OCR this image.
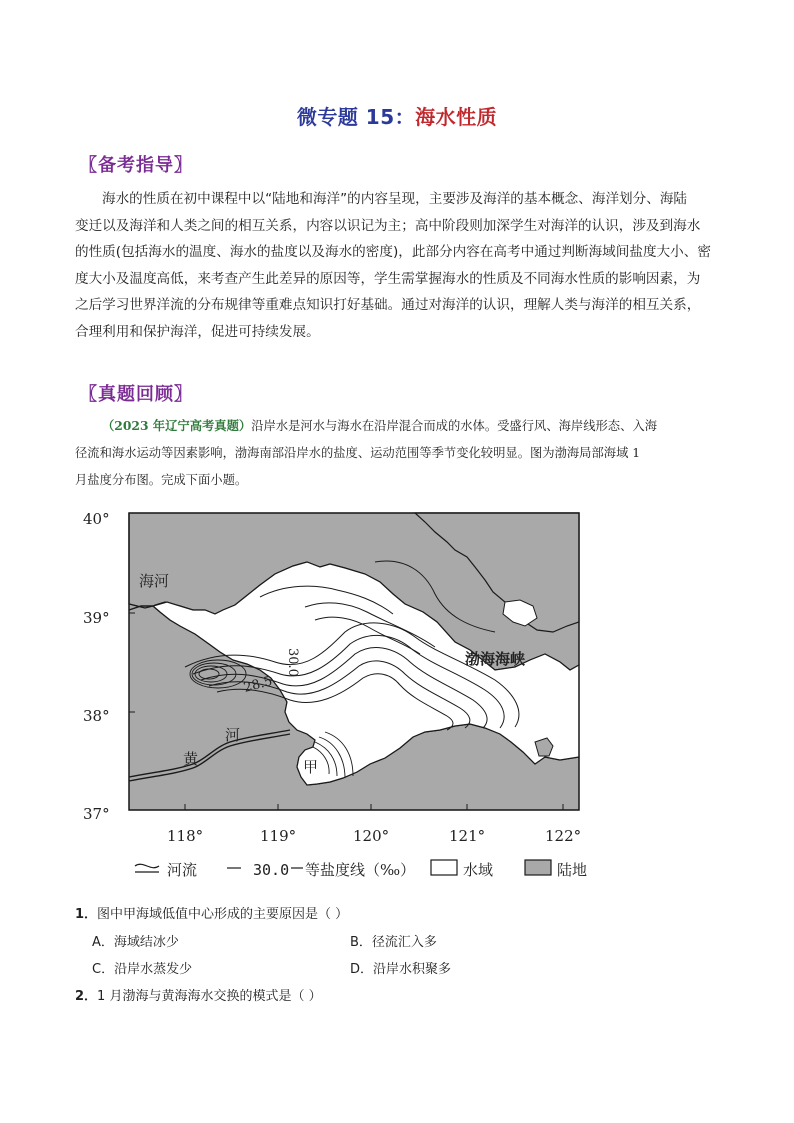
微专题 15：海水性质
〖备考指导〗
海水的性质在初中课程中以“陆地和海洋”的内容呈现，主要涉及海洋的基本概念、海洋划分、海陆
变迁以及海洋和人类之间的相互关系，内容以识记为主；高中阶段则加深学生对海洋的认识，涉及到海水
的性质(包括海水的温度、海水的盐度以及海水的密度)，此部分内容在高考中通过判断海域间盐度大小、密
度大小及温度高低，来考查产生此差异的原因等，学生需掌握海水的性质及不同海水性质的影响因素，为
之后学习世界洋流的分布规律等重难点知识打好基础。通过对海洋的认识，理解人类与海洋的相互关系，
合理利用和保护海洋，促进可持续发展。
〖真题回顾〗
（2023 年辽宁高考真题）沿岸水是河水与海水在沿岸混合而成的水体。受盛行风、海岸线形态、入海
径流和海水运动等因素影响，渤海南部沿岸水的盐度、运动范围等季节变化较明显。图为渤海局部海域 1
月盐度分布图。完成下面小题。
40°
39°
38°
37°
118°	119°	120°	121°	122°
海河
渤海海峡
黄
河
甲
30.0
28.5
河流	30.0 等盐度线（‰）	水域	陆地
1．图中甲海域低值中心形成的主要原因是（ ）
A．海域结冰少	B．径流汇入多
C．沿岸水蒸发少	D．沿岸水积聚多
2．1 月渤海与黄海海水交换的模式是（ ）
